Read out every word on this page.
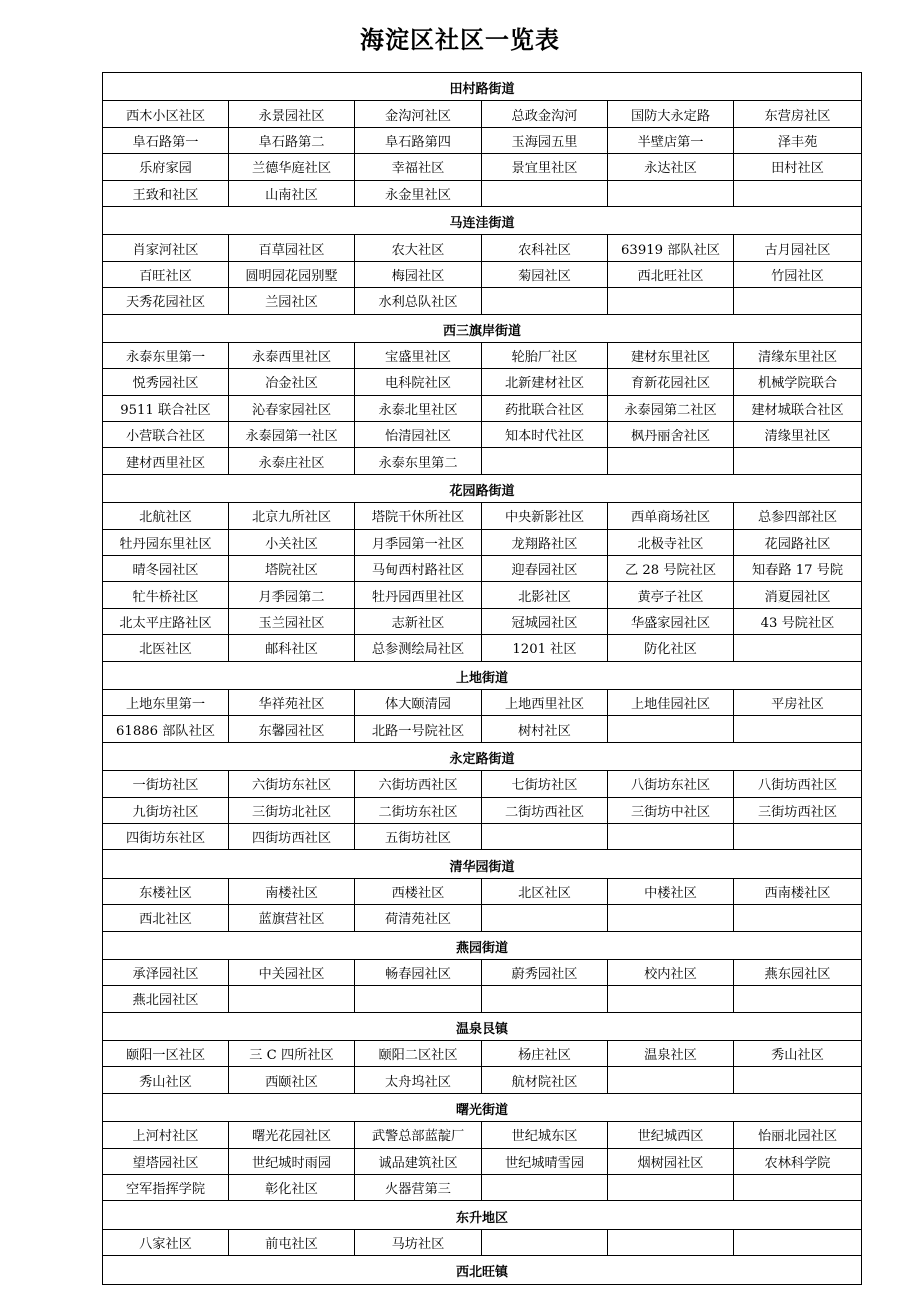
海淀区社区一览表
田村路街道					
西木小区社区	永景园社区	金沟河社区	总政金沟河	国防大永定路	东营房社区
阜石路第一	阜石路第二	阜石路第四	玉海园五里	半壁店第一	泽丰苑
乐府家园	兰德华庭社区	幸福社区	景宜里社区	永达社区	田村社区
王致和社区	山南社区	永金里社区			
马连洼街道					
肖家河社区	百草园社区	农大社区	农科社区	63919 部队社区	古月园社区
百旺社区	圆明园花园别墅	梅园社区	菊园社区	西北旺社区	竹园社区
天秀花园社区	兰园社区	水利总队社区			
西三旗岸街道					
永泰东里第一	永泰西里社区	宝盛里社区	轮胎厂社区	建材东里社区	清缘东里社区
悦秀园社区	冶金社区	电科院社区	北新建材社区	育新花园社区	机械学院联合
9511 联合社区	沁春家园社区	永泰北里社区	药批联合社区	永泰园第二社区	建材城联合社区
小营联合社区	永泰园第一社区	怡清园社区	知本时代社区	枫丹丽舍社区	清缘里社区
建材西里社区	永泰庄社区	永泰东里第二			
花园路街道					
北航社区	北京九所社区	塔院干休所社区	中央新影社区	西单商场社区	总参四部社区
牡丹园东里社区	小关社区	月季园第一社区	龙翔路社区	北极寺社区	花园路社区
晴冬园社区	塔院社区	马甸西村路社区	迎春园社区	乙 28 号院社区	知春路 17 号院
牤牛桥社区	月季园第二	牡丹园西里社区	北影社区	黄亭子社区	消夏园社区
北太平庄路社区	玉兰园社区	志新社区	冠城园社区	华盛家园社区	43 号院社区
北医社区	邮科社区	总参测绘局社区	1201 社区	防化社区	
上地街道					
上地东里第一	华祥苑社区	体大颐清园	上地西里社区	上地佳园社区	平房社区
61886 部队社区	东馨园社区	北路一号院社区	树村社区		
永定路街道					
一街坊社区	六街坊东社区	六街坊西社区	七街坊社区	八街坊东社区	八街坊西社区
九街坊社区	三街坊北社区	二街坊东社区	二街坊西社区	三街坊中社区	三街坊西社区
四街坊东社区	四街坊西社区	五街坊社区			
清华园街道					
东楼社区	南楼社区	西楼社区	北区社区	中楼社区	西南楼社区
西北社区	蓝旗营社区	荷清苑社区			
燕园街道					
承泽园社区	中关园社区	畅春园社区	蔚秀园社区	校内社区	燕东园社区
燕北园社区					
温泉艮镇					
颐阳一区社区	三 C 四所社区	颐阳二区社区	杨庄社区	温泉社区	秀山社区
秀山社区	西颐社区	太舟坞社区	航材院社区		
曙光街道					
上河村社区	曙光花园社区	武警总部蓝靛厂	世纪城东区	世纪城西区	怡丽北园社区
望塔园社区	世纪城时雨园	诚品建筑社区	世纪城晴雪园	烟树园社区	农林科学院
空军指挥学院	彰化社区	火器营第三			
东升地区					
八家社区	前屯社区	马坊社区			
西北旺镇					
